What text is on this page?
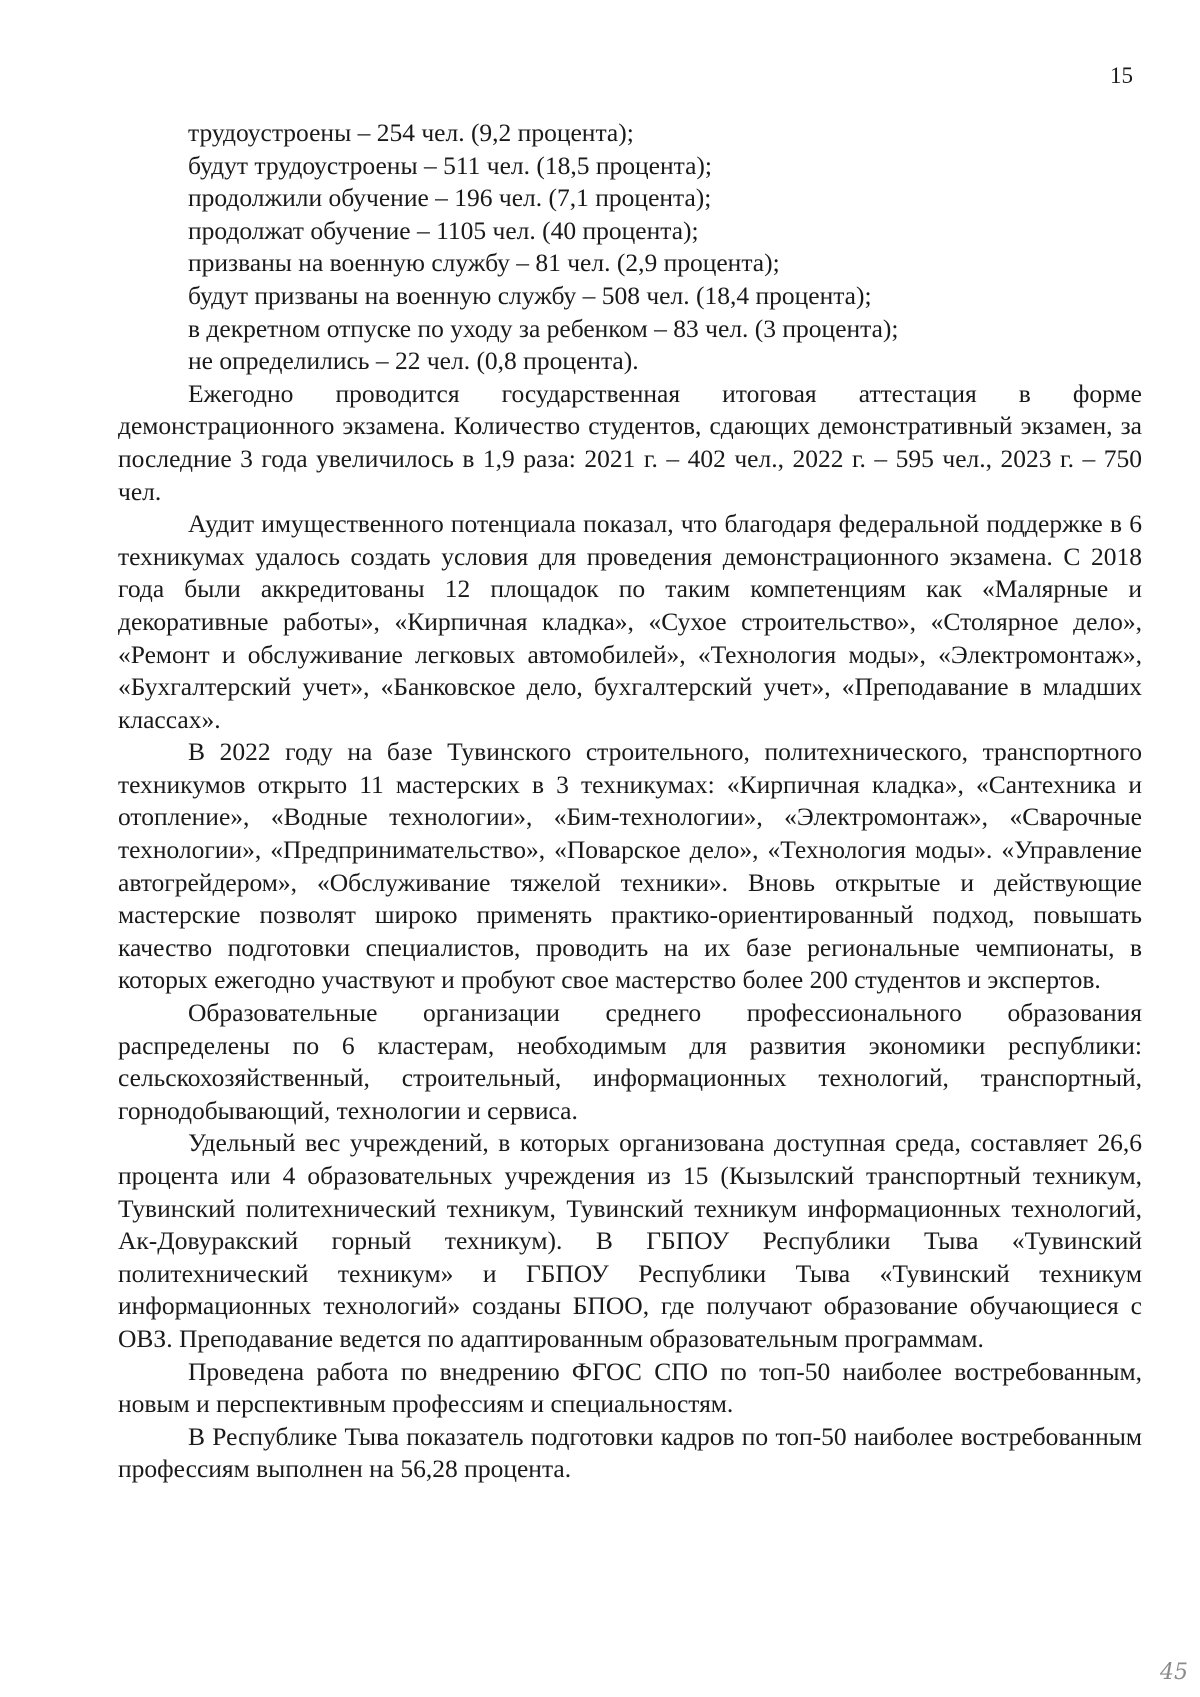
15

трудоустроены – 254 чел. (9,2 процента);

будут трудоустроены – 511 чел. (18,5 процента);

продолжили обучение – 196 чел. (7,1 процента);

продолжат обучение – 1105 чел. (40 процента);

призваны на военную службу – 81 чел. (2,9 процента);

будут призваны на военную службу – 508 чел. (18,4 процента);

в декретном отпуске по уходу за ребенком – 83 чел. (3 процента);

не определились – 22 чел. (0,8 процента).

Ежегодно проводится государственная итоговая аттестация в форме демонстрационного экзамена. Количество студентов, сдающих демонстративный экзамен, за последние 3 года увеличилось в 1,9 раза: 2021 г. – 402 чел., 2022 г. – 595 чел., 2023 г. – 750 чел.

Аудит имущественного потенциала показал, что благодаря федеральной поддержке в 6 техникумах удалось создать условия для проведения демонстрационного экзамена. С 2018 года были аккредитованы 12 площадок по таким компетенциям как «Малярные и декоративные работы», «Кирпичная кладка», «Сухое строительство», «Столярное дело», «Ремонт и обслуживание легковых автомобилей», «Технология моды», «Электромонтаж», «Бухгалтерский учет», «Банковское дело, бухгалтерский учет», «Преподавание в младших классах».

В 2022 году на базе Тувинского строительного, политехнического, транспортного техникумов открыто 11 мастерских в 3 техникумах: «Кирпичная кладка», «Сантехника и отопление», «Водные технологии», «Бим-технологии», «Электромонтаж», «Сварочные технологии», «Предпринимательство», «Поварское дело», «Технология моды». «Управление автогрейдером», «Обслуживание тяжелой техники». Вновь открытые и действующие мастерские позволят широко применять практико-ориентированный подход, повышать качество подготовки специалистов, проводить на их базе региональные чемпионаты, в которых ежегодно участвуют и пробуют свое мастерство более 200 студентов и экспертов.

Образовательные организации среднего профессионального образования распределены по 6 кластерам, необходимым для развития экономики республики: сельскохозяйственный, строительный, информационных технологий, транспортный, горнодобывающий, технологии и сервиса.

Удельный вес учреждений, в которых организована доступная среда, составляет 26,6 процента или 4 образовательных учреждения из 15 (Кызылский транспортный техникум, Тувинский политехнический техникум, Тувинский техникум информационных технологий, Ак-Довуракский горный техникум). В ГБПОУ Республики Тыва «Тувинский политехнический техникум» и ГБПОУ Республики Тыва «Тувинский техникум информационных технологий» созданы БПОО, где получают образование обучающиеся с ОВЗ. Преподавание ведется по адаптированным образовательным программам.

Проведена работа по внедрению ФГОС СПО по топ-50 наиболее востребованным, новым и перспективным профессиям и специальностям.

В Республике Тыва показатель подготовки кадров по топ-50 наиболее востребованным профессиям выполнен на 56,28 процента.

45
